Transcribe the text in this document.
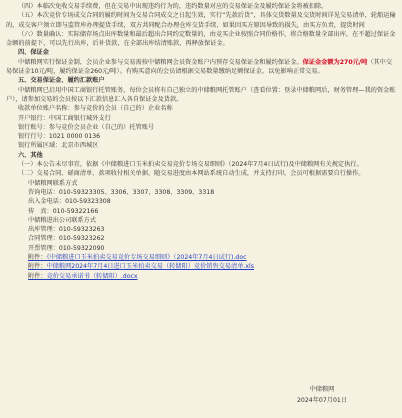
（四）本临次免收交易手续费，但在交易中出现违约行为的，违约数量对应的交易保证金及履约保证金将被扣除。

（五）本次竞价专场成交合同的履约时间为交易合同成交之日起生效，实行“先款后货”，具体交货数量及交货时间详见交易清单，轮船运输的，成交客户须立即与监管库办理提货手续，双方共同配合办理仓库交货手续，如果因买方原因导致的损失，由买方负责，提货时间

（六）数量确认：实际储存场点出库数量和最后超出合同约定数量的，由竞买企业按照合同价格作，将合格数量全部出库，在不超过保证金金额的前提下，可以先行出库，后补货款，在全部出库结清账款，再释放保证金。

四、保证金

中储粮网实行保证金制，会员企业参与交易需按中储粮网会员资金账户内预存交易保证金和履约保证金。保证金金额为270元/吨（其中交易保证金10元/吨，履约保证金260元/吨）。有购买意向的会员请根据交易数量缴纳足额保证金，以免影响正常交易。

五、交易保证金、履约汇款账户

中储粮网已启用中国工商银行托管账务，每位会员将有自己独立的中储粮网托管账户（查看位置：登录中储粮网后，财务管理—我的资金账户），请参加交易的会员按以下汇款信息汇入各自保证金及货款。

收款单位账户名称：参与竞价的会员（自己的）企业名称

开户银行：中国工商银行城外支行

银行账号：参与竞价会员企业（自己的）托管账号

银行行号：1021 0000 0136

银行所属区域：北京市西城区

六、其他

（一）本公告未尽事宜，依据《中储粮进口玉米拍卖交易竞价专场交易细则》（2024年7月4日试行)及中储粮网有关规定执行。

（二）交易合同、磋商清单、款项收付相关单据、随交易进度由本网站系统自动生成，并支持打印，会员可根据需要自行操作。

中储粮网联系方式

咨询电话：010-59323305、3306、3307、3308、3309、3318

出入金电话：010-59323308

传　真：010-59322166

中储粮进出公司联系方式

出库管理：010-59323263

合同管理：010-59323262

开票管理：010-59322090

附件：《中储粮进口玉米拍卖交易竞价专场交易细则》（2024年7月4日试行).doc
附件：中储粮网2024年7月4日进口玉米拍卖交易（转储阳）竞价销售交易清单.xls
附件：竞价交易承诺书（转储阳）.docx
中储粮网
2024年07月01日
